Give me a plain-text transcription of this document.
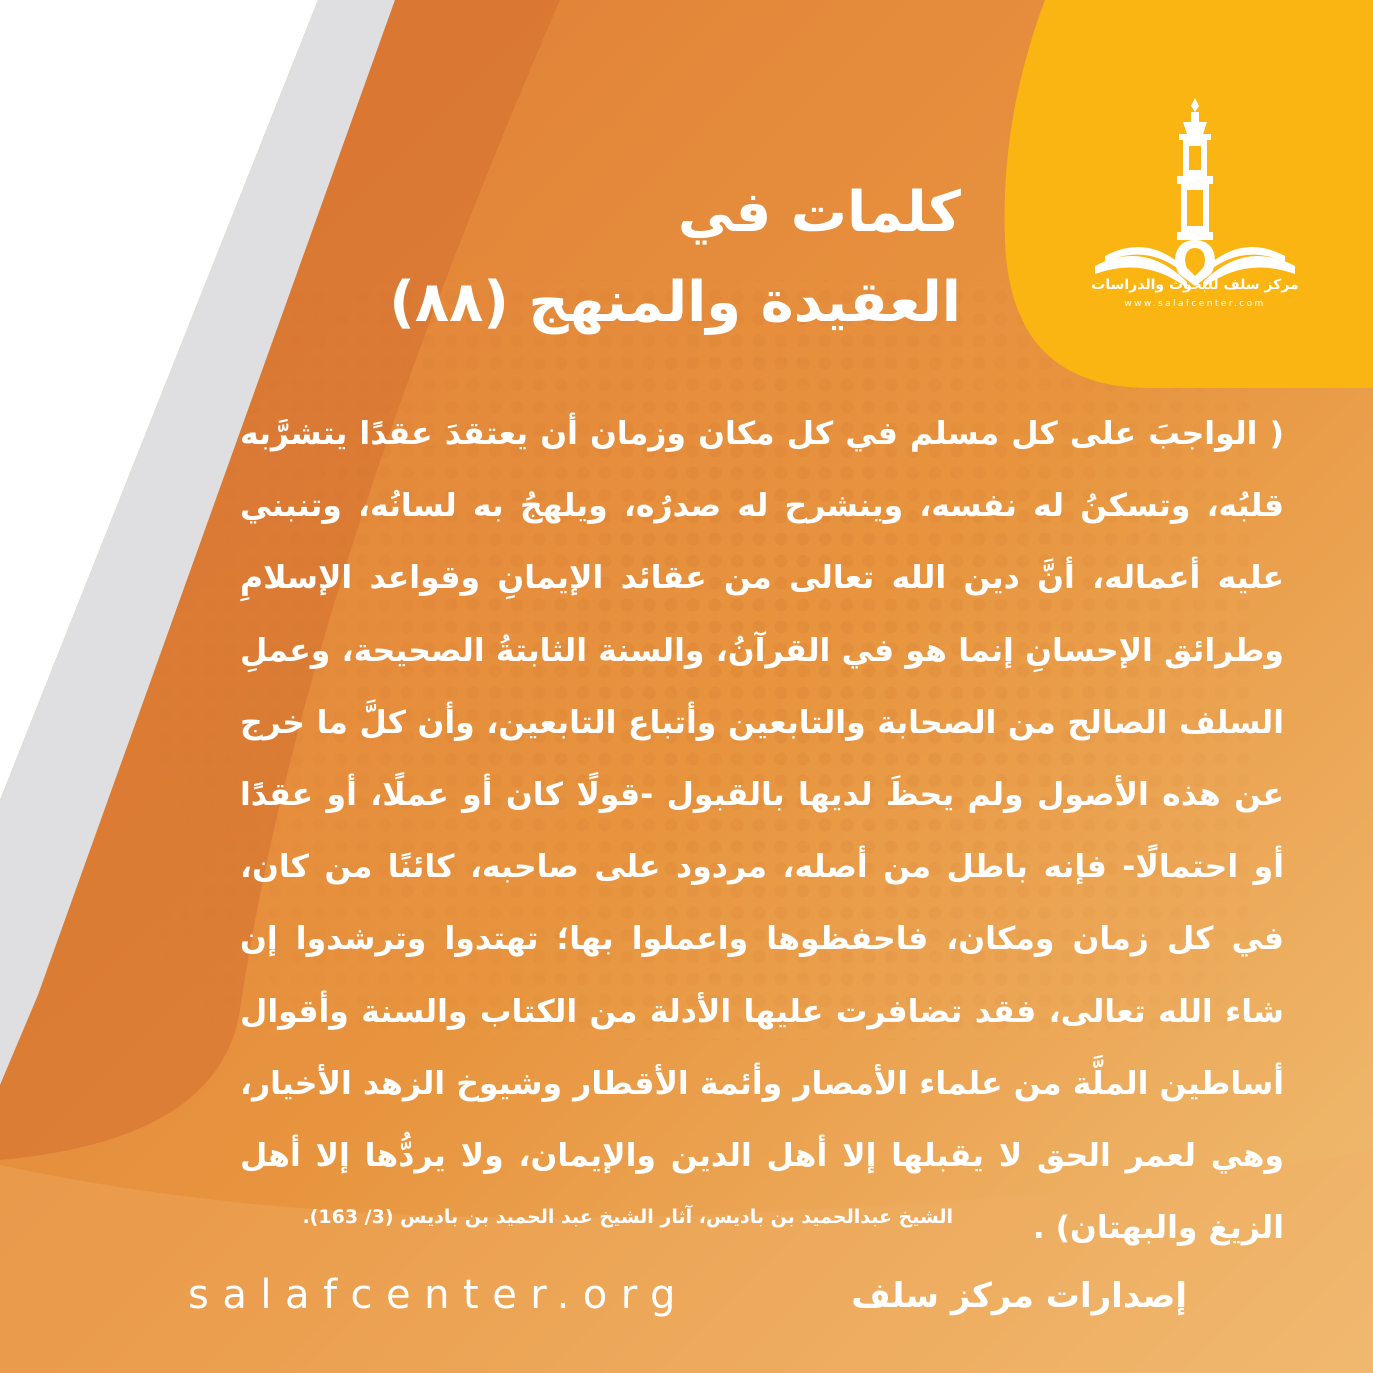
كلمات في
العقيدة والمنهج (٨٨)
( الواجبَ على كل مسلم في كل مكان وزمان أن يعتقدَ عقدًا يتشرَّبه قلبُه، وتسكنُ له نفسه، وينشرح له صدرُه، ويلهجُ به لسانُه، وتنبني عليه أعماله، أنَّ دين الله تعالى من عقائد الإيمانِ وقواعد الإسلامِ وطرائق الإحسانِ إنما هو في القرآنُ، والسنة الثابتةُ الصحيحة، وعملِ السلف الصالح من الصحابة والتابعين وأتباع التابعين، وأن كلَّ ما خرج عن هذه الأصول ولم يحظَ لديها بالقبول -قولًا كان أو عملًا، أو عقدًا أو احتمالًا- فإنه باطل من أصله، مردود على صاحبه، كائنًا من كان، في كل زمان ومكان، فاحفظوها واعملوا بها؛ تهتدوا وترشدوا إن شاء الله تعالى، فقد تضافرت عليها الأدلة من الكتاب والسنة وأقوال أساطين الملَّة من علماء الأمصار وأئمة الأقطار وشيوخ الزهد الأخيار، وهي لعمر الحق لا يقبلها إلا أهل الدين والإيمان، ولا يردُّها إلا أهل الزيغ والبهتان) .
الشيخ عبدالحميد بن باديس، آثار الشيخ عبد الحميد بن باديس (3/ 163).
salafcenter.org	إصدارات مركز سلف
مركز سلف للبحوث والدراسات
www.salafcenter.com
